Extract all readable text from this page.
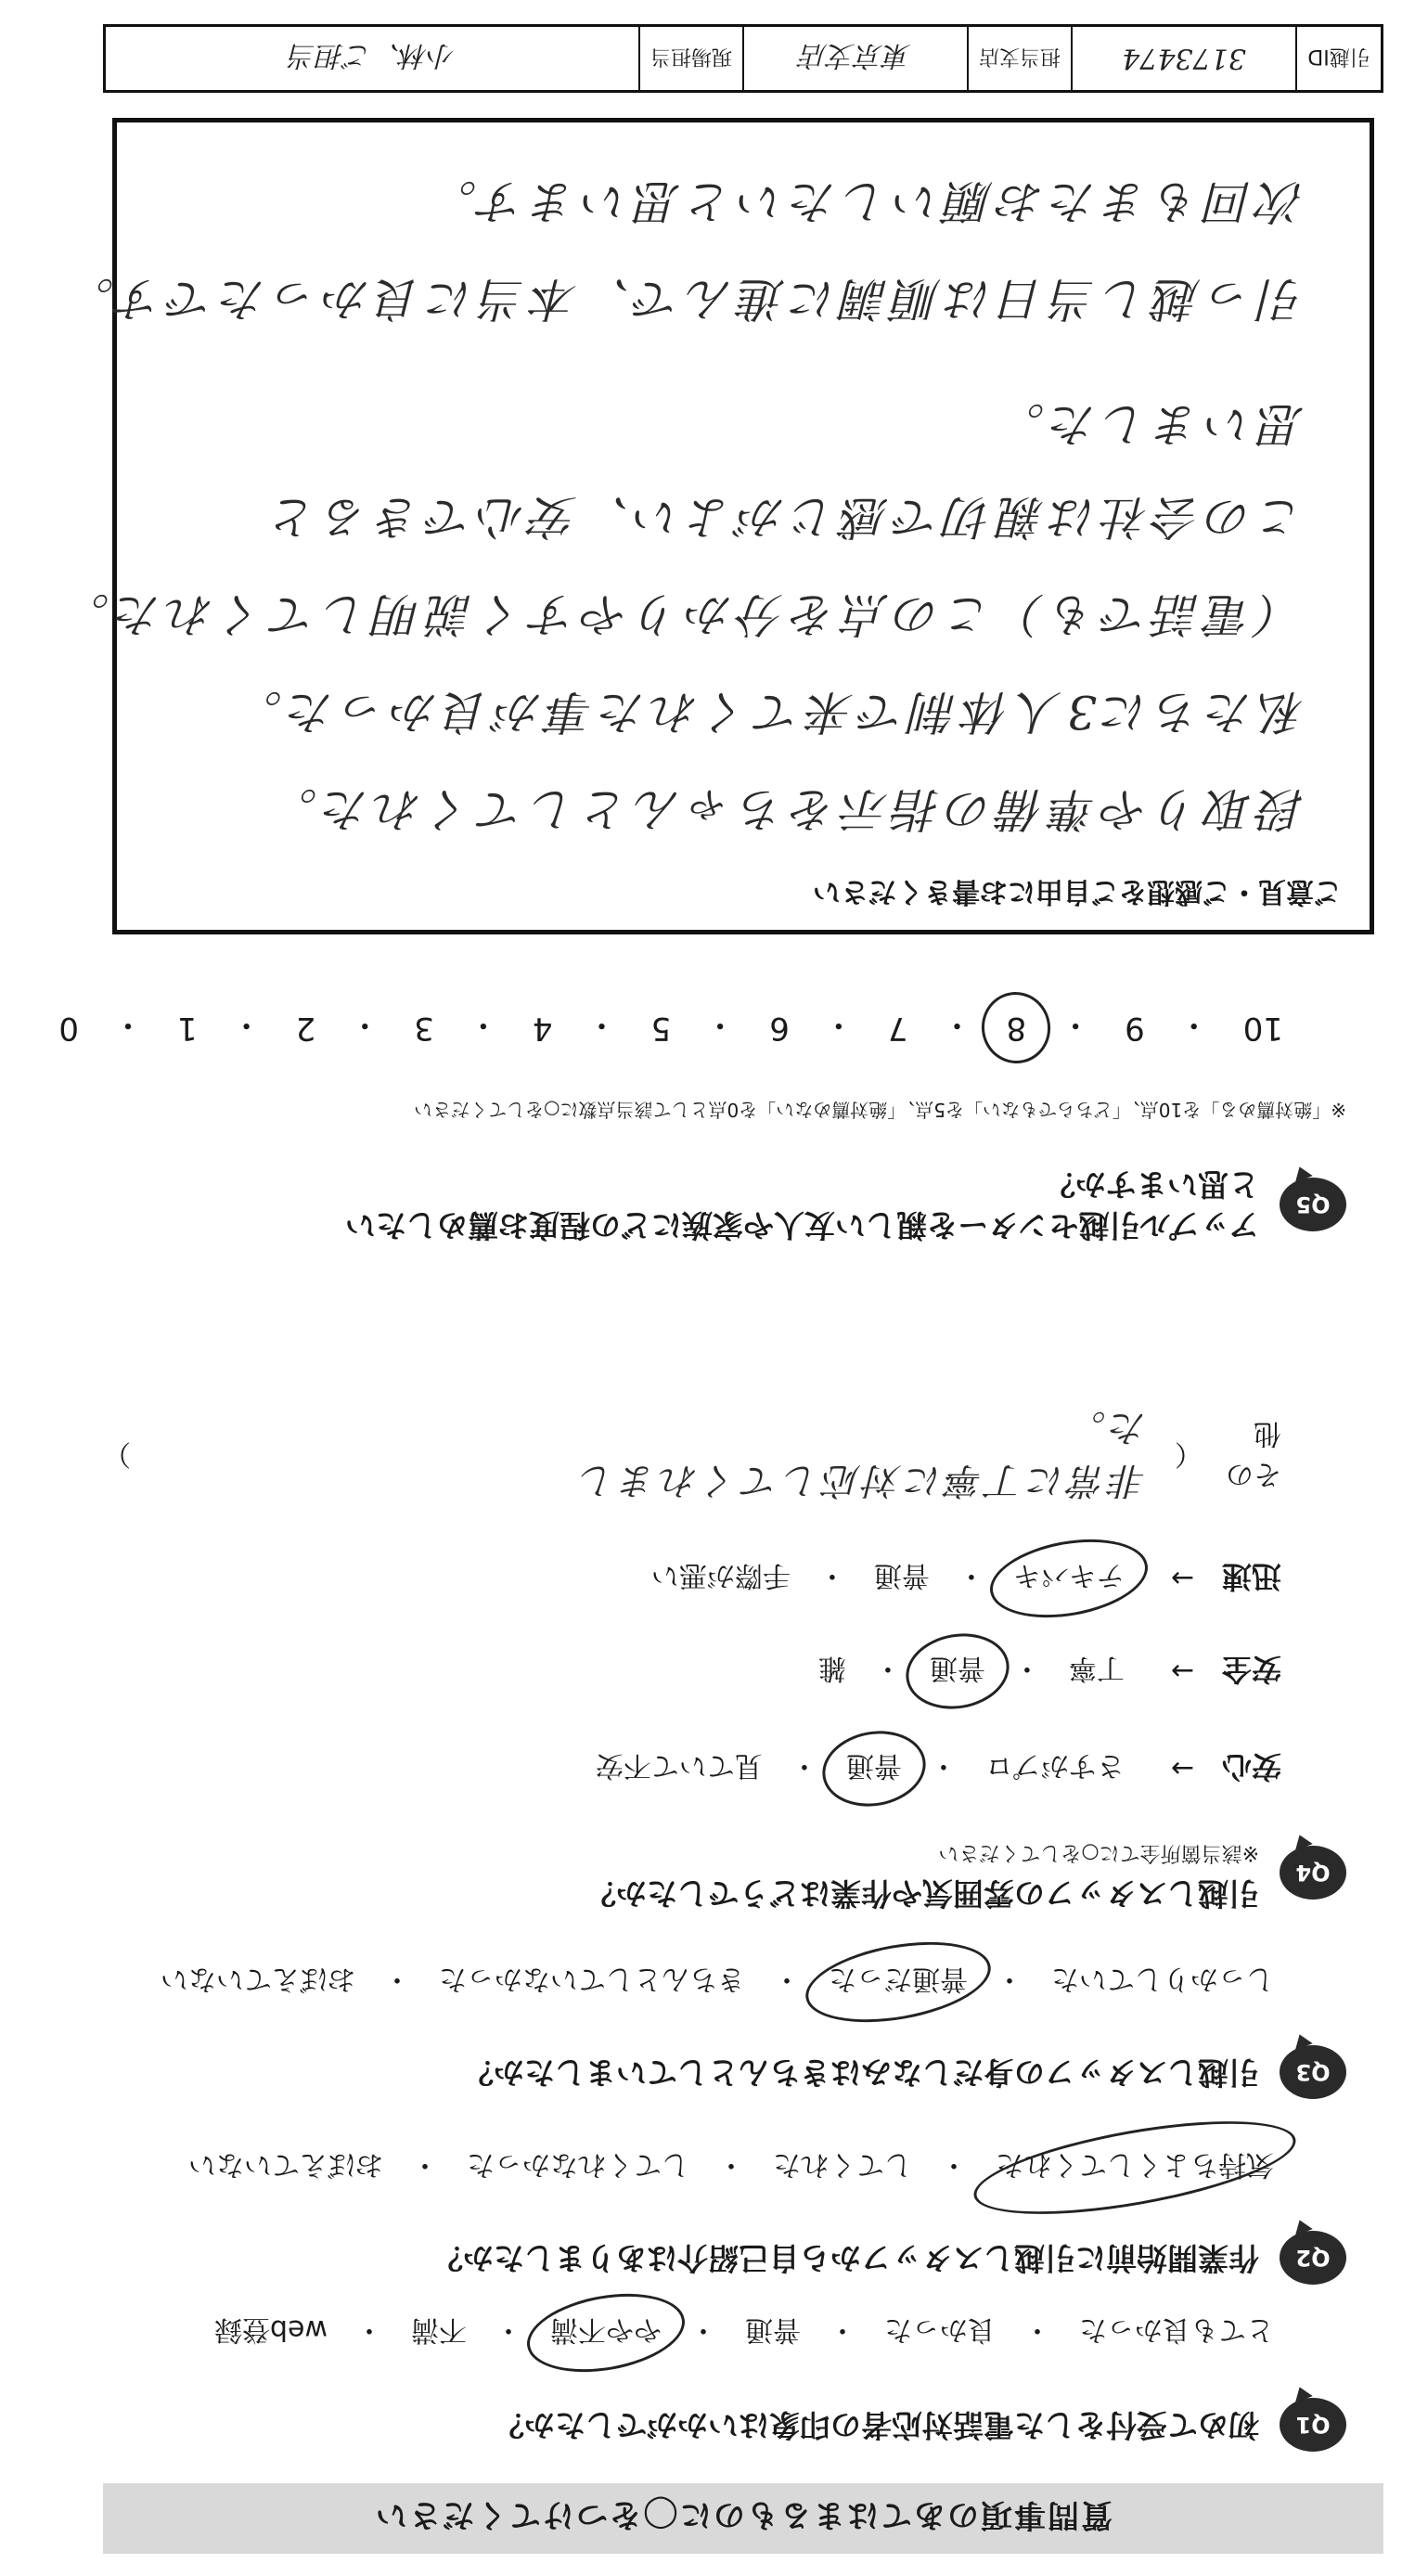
質問事項のあてはまるものに◯をつけてください
Q1
初めて受付をした電話対応者の印象はいかがでしたか？
とても良かった
・
良かった
・
普通
・
やや不満
・
不満
・
web登録
Q2
作業開始前に引越しスタッフから自己紹介はありましたか？
気持ちよくしてくれた
・
してくれた
・
してくれなかった
・
おぼえていない
Q3
引越しスタッフの身だしなみはきちんとしていましたか？
しっかりしていた
・
普通だった
・
きちんとしていなかった
・
おぼえていない
Q4
引越しスタッフの雰囲気や作業はどうでしたか？
※該当箇所全てに○をしてください
安心
→
さすがプロ
・
普通
・
見ていて不安
安全
→
丁寧
・
普通
・
雑
迅速
→
テキパキ
・
普通
・
手際が悪い
その他
（
非常に丁寧に対応してくれました。
）
Q5
アップル引越センターを親しい友人や家族にどの程度お薦めしたいと思いますか？
※「絶対薦める」を10点、「どちらでもない」を5点、「絶対薦めない」を0点として該当点数に○をしてください
10
・
9
・
8
・
7
・
6
・
5
・
4
・
3
・
2
・
1
・
0
ご意見・ご感想をご自由にお書きください
段取りや準備の指示をちゃんとしてくれた。
私たちに3人体制で来てくれた事が良かった。
（電話でも）この点を分かりやすく説明してくれた。
この会社は親切で感じがよい、安心できると
思いました。
引っ越し当日は順調に進んで、本当に良かったです。
次回もまたお願いしたいと思います。
引越ID
3173474
担当支店
東京支店
現場担当
小林、ご担当
